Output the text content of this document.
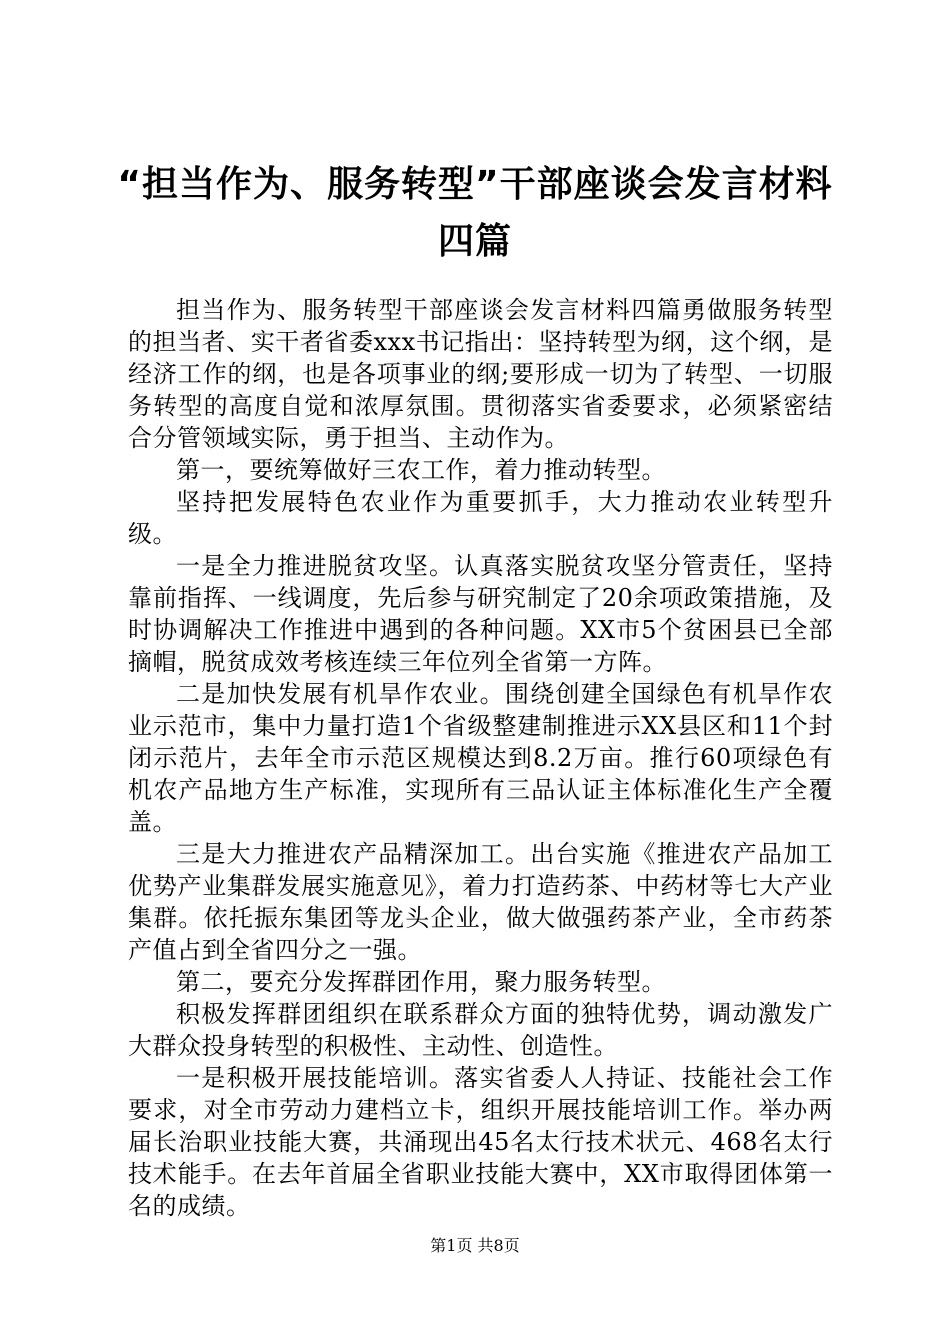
“担当作为、服务转型”干部座谈会发言材料
四篇

担当作为、服务转型干部座谈会发言材料四篇勇做服务转型的担当者、实干者省委xxx书记指出：坚持转型为纲，这个纲，是经济工作的纲，也是各项事业的纲;要形成一切为了转型、一切服务转型的高度自觉和浓厚氛围。贯彻落实省委要求，必须紧密结合分管领域实际，勇于担当、主动作为。

第一，要统筹做好三农工作，着力推动转型。

坚持把发展特色农业作为重要抓手，大力推动农业转型升级。

一是全力推进脱贫攻坚。认真落实脱贫攻坚分管责任，坚持靠前指挥、一线调度，先后参与研究制定了20余项政策措施，及时协调解决工作推进中遇到的各种问题。XX市5个贫困县已全部摘帽，脱贫成效考核连续三年位列全省第一方阵。

二是加快发展有机旱作农业。围绕创建全国绿色有机旱作农业示范市，集中力量打造1个省级整建制推进示XX县区和11个封闭示范片，去年全市示范区规模达到8.2万亩。推行60项绿色有机农产品地方生产标准，实现所有三品认证主体标准化生产全覆盖。

三是大力推进农产品精深加工。出台实施《推进农产品加工优势产业集群发展实施意见》，着力打造药茶、中药材等七大产业集群。依托振东集团等龙头企业，做大做强药茶产业，全市药茶产值占到全省四分之一强。

第二，要充分发挥群团作用，聚力服务转型。

积极发挥群团组织在联系群众方面的独特优势，调动激发广大群众投身转型的积极性、主动性、创造性。

一是积极开展技能培训。落实省委人人持证、技能社会工作要求，对全市劳动力建档立卡，组织开展技能培训工作。举办两届长治职业技能大赛，共涌现出45名太行技术状元、468名太行技术能手。在去年首届全省职业技能大赛中，XX市取得团体第一名的成绩。

第1页 共8页
